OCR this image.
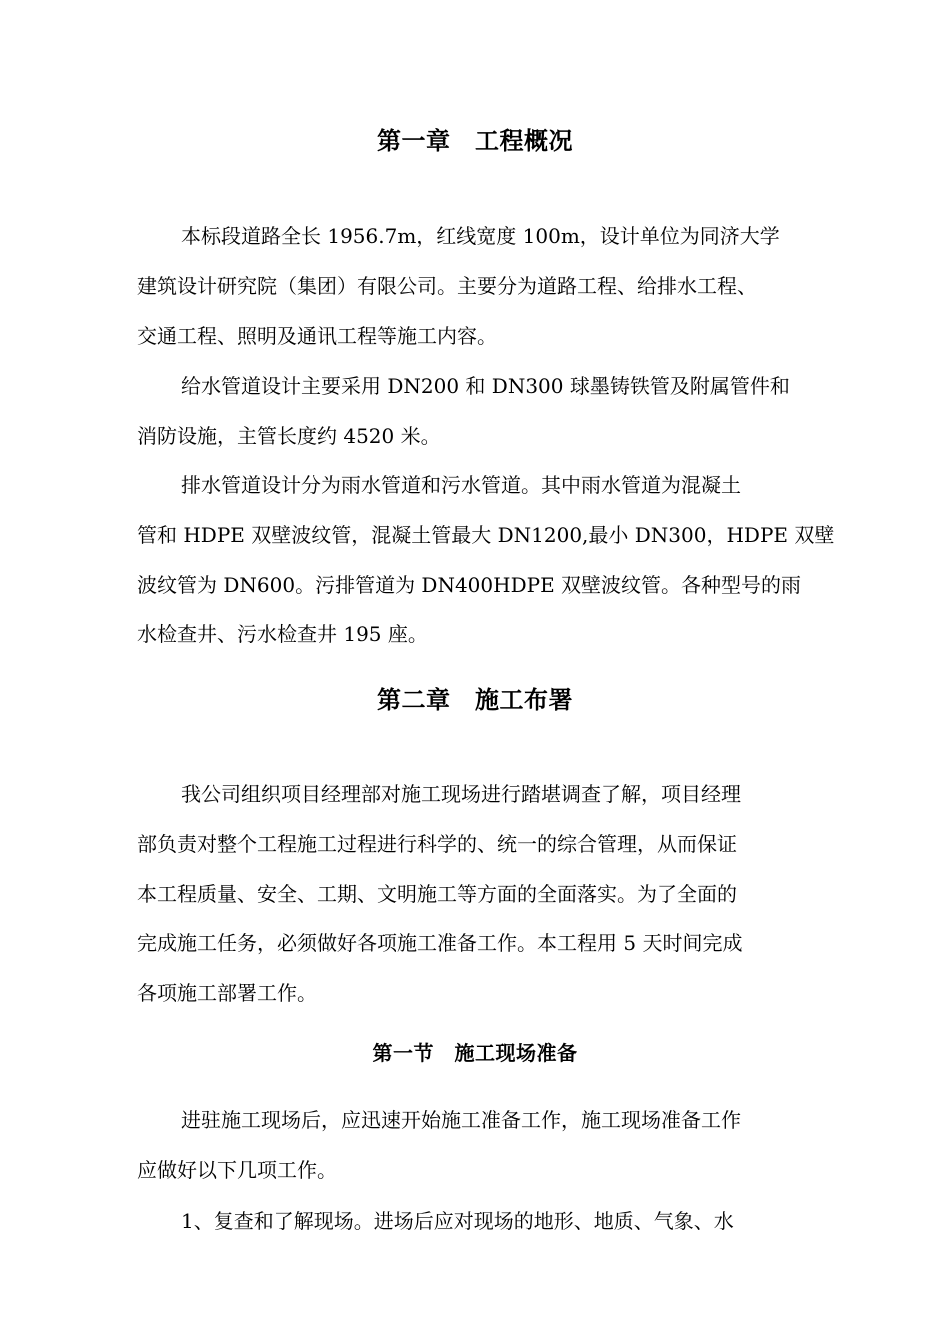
第一章　工程概况

本标段道路全长 1956.7m，红线宽度 100m，设计单位为同济大学

建筑设计研究院（集团）有限公司。主要分为道路工程、给排水工程、

交通工程、照明及通讯工程等施工内容。

给水管道设计主要采用 DN200 和 DN300 球墨铸铁管及附属管件和

消防设施，主管长度约 4520 米。

排水管道设计分为雨水管道和污水管道。其中雨水管道为混凝土

管和 HDPE 双壁波纹管，混凝土管最大 DN1200,最小 DN300，HDPE 双壁

波纹管为 DN600。污排管道为 DN400HDPE 双壁波纹管。各种型号的雨

水检查井、污水检查井 195 座。

第二章　施工布署

我公司组织项目经理部对施工现场进行踏堪调查了解，项目经理

部负责对整个工程施工过程进行科学的、统一的综合管理，从而保证

本工程质量、安全、工期、文明施工等方面的全面落实。为了全面的

完成施工任务，必须做好各项施工准备工作。本工程用 5 天时间完成

各项施工部署工作。

第一节　施工现场准备

进驻施工现场后，应迅速开始施工准备工作，施工现场准备工作

应做好以下几项工作。

1、复查和了解现场。进场后应对现场的地形、地质、气象、水
